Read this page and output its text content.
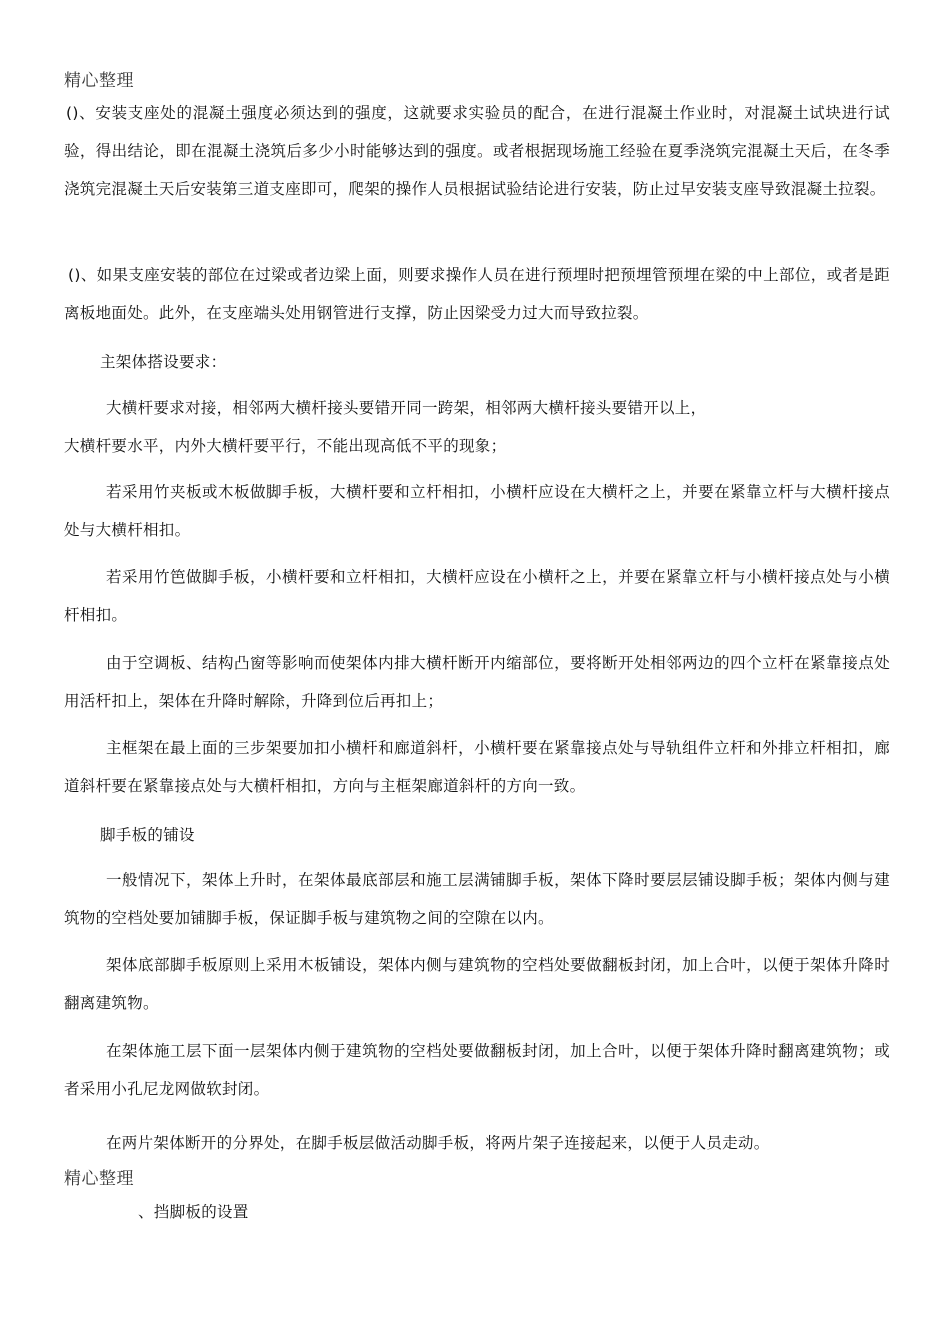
精心整理

()、安装支座处的混凝土强度必须达到的强度，这就要求实验员的配合，在进行混凝土作业时，对混凝土试块进行试验，得出结论，即在混凝土浇筑后多少小时能够达到的强度。或者根据现场施工经验在夏季浇筑完混凝土天后，在冬季浇筑完混凝土天后安装第三道支座即可，爬架的操作人员根据试验结论进行安装，防止过早安装支座导致混凝土拉裂。

()、如果支座安装的部位在过梁或者边梁上面，则要求操作人员在进行预埋时把预埋管预埋在梁的中上部位，或者是距离板地面处。此外，在支座端头处用钢管进行支撑，防止因梁受力过大而导致拉裂。

主架体搭设要求：
大横杆要求对接，相邻两大横杆接头要错开同一跨架，相邻两大横杆接头要错开以上，
大横杆要水平，内外大横杆要平行，不能出现高低不平的现象；

若采用竹夹板或木板做脚手板，大横杆要和立杆相扣，小横杆应设在大横杆之上，并要在紧靠立杆与大横杆接点处与大横杆相扣。

若采用竹笆做脚手板，小横杆要和立杆相扣，大横杆应设在小横杆之上，并要在紧靠立杆与小横杆接点处与小横杆相扣。

由于空调板、结构凸窗等影响而使架体内排大横杆断开内缩部位，要将断开处相邻两边的四个立杆在紧靠接点处用活杆扣上，架体在升降时解除，升降到位后再扣上；

主框架在最上面的三步架要加扣小横杆和廊道斜杆，小横杆要在紧靠接点处与导轨组件立杆和外排立杆相扣，廊道斜杆要在紧靠接点处与大横杆相扣，方向与主框架廊道斜杆的方向一致。

脚手板的铺设

一般情况下，架体上升时，在架体最底部层和施工层满铺脚手板，架体下降时要层层铺设脚手板；架体内侧与建筑物的空档处要加铺脚手板，保证脚手板与建筑物之间的空隙在以内。

架体底部脚手板原则上采用木板铺设，架体内侧与建筑物的空档处要做翻板封闭，加上合叶，以便于架体升降时翻离建筑物。

在架体施工层下面一层架体内侧于建筑物的空档处要做翻板封闭，加上合叶，以便于架体升降时翻离建筑物；或者采用小孔尼龙网做软封闭。

在两片架体断开的分界处，在脚手板层做活动脚手板，将两片架子连接起来，以便于人员走动。
精心整理
、挡脚板的设置
